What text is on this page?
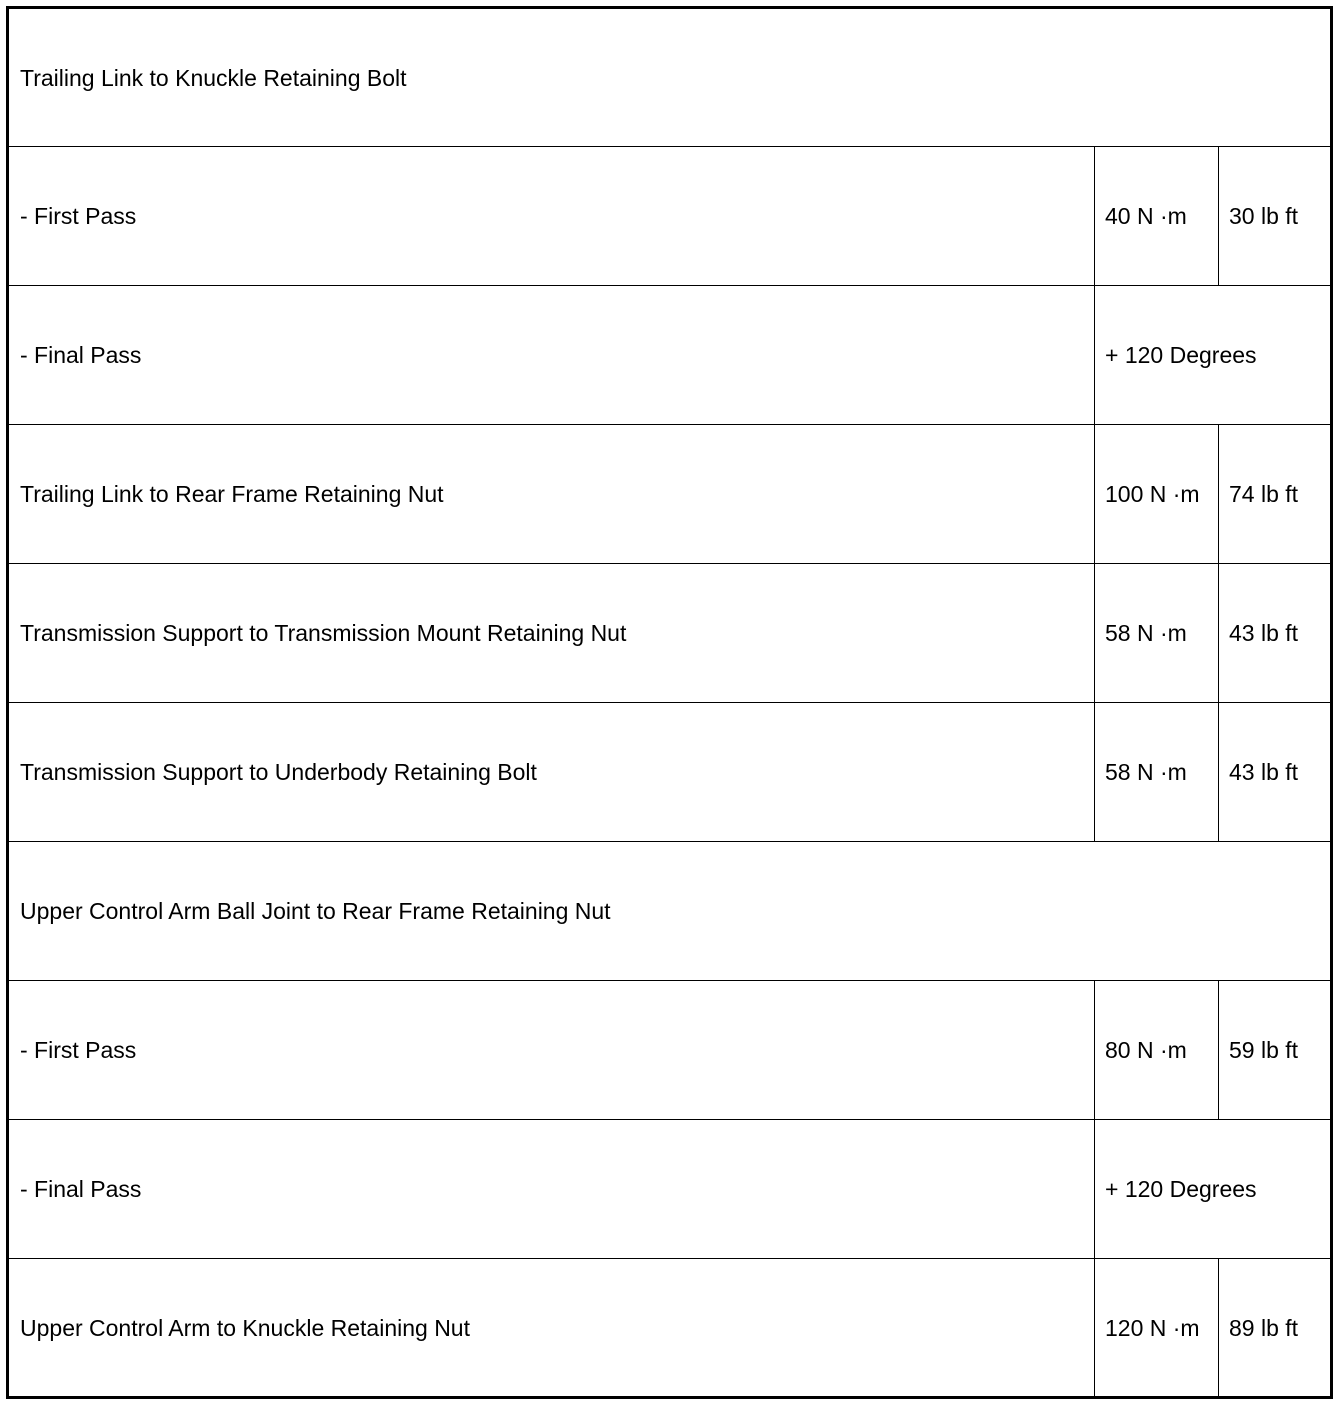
Trailing Link to Knuckle Retaining Bolt		
- First Pass	40 N ·m	30 lb ft
- Final Pass	+ 120 Degrees	
Trailing Link to Rear Frame Retaining Nut	100 N ·m	74 lb ft
Transmission Support to Transmission Mount Retaining Nut	58 N ·m	43 lb ft
Transmission Support to Underbody Retaining Bolt	58 N ·m	43 lb ft
Upper Control Arm Ball Joint to Rear Frame Retaining Nut		
- First Pass	80 N ·m	59 lb ft
- Final Pass	+ 120 Degrees	
Upper Control Arm to Knuckle Retaining Nut	120 N ·m	89 lb ft
